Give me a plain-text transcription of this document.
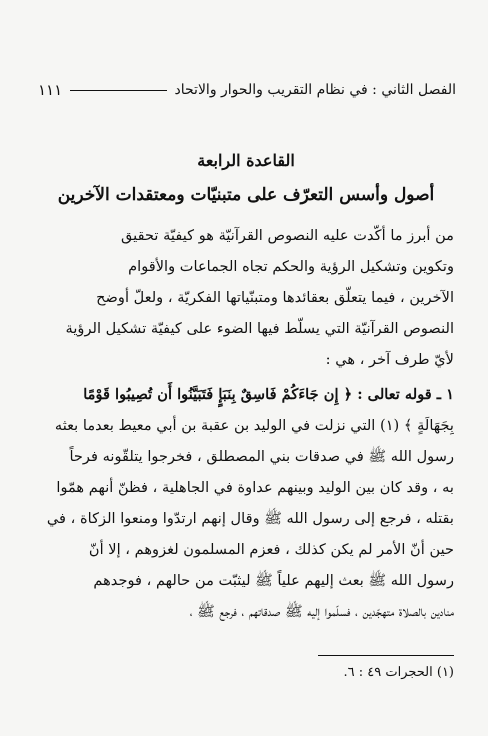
الفصل الثاني : في نظام التقريب والحوار والاتحاد
١١١
القاعدة الرابعة
أصول وأسس التعرّف على متبنيّات ومعتقدات الآخرين
من أبرز ما أكّدت عليه النصوص القرآنيّة هو كيفيّة تحقيق
وتكوين وتشكيل الرؤية والحكم تجاه الجماعات والأقوام
الآخرين ، فيما يتعلّق بعقائدها ومتبنّياتها الفكريّة ، ولعلّ أوضح
النصوص القرآنيّة التي يسلّط فيها الضوء على كيفيّة تشكيل الرؤية
لأيّ طرف آخر ، هي :
١ ـ قوله تعالى : ﴿ إِن جَاءَكُمْ فَاسِقٌ بِنَبَإٍ فَتَبَيَّنُوا أَن تُصِيبُوا قَوْمًا
بِجَهَالَةٍ ﴾ (١) التي نزلت في الوليد بن عقبة بن أبي معيط بعدما بعثه
رسول الله ﷺ في صدقات بني المصطلق ، فخرجوا يتلقّونه فرحاً
به ، وقد كان بين الوليد وبينهم عداوة في الجاهلية ، فظنّ أنهم همّوا
بقتله ، فرجع إلى رسول الله ﷺ وقال إنهم ارتدّوا ومنعوا الزكاة ، في
حين أنّ الأمر لم يكن كذلك ، فعزم المسلمون لغزوهم ، إلا أنّ
رسول الله ﷺ بعث إليهم علياً ﷺ ليثبّت من حالهم ، فوجدهم
منادين بالصلاة متهجّدين ، فسلّموا إليه ﷺ صدقاتهم ، فرجع ﷺ ،
(١) الحجرات ٤٩ : ٦.
